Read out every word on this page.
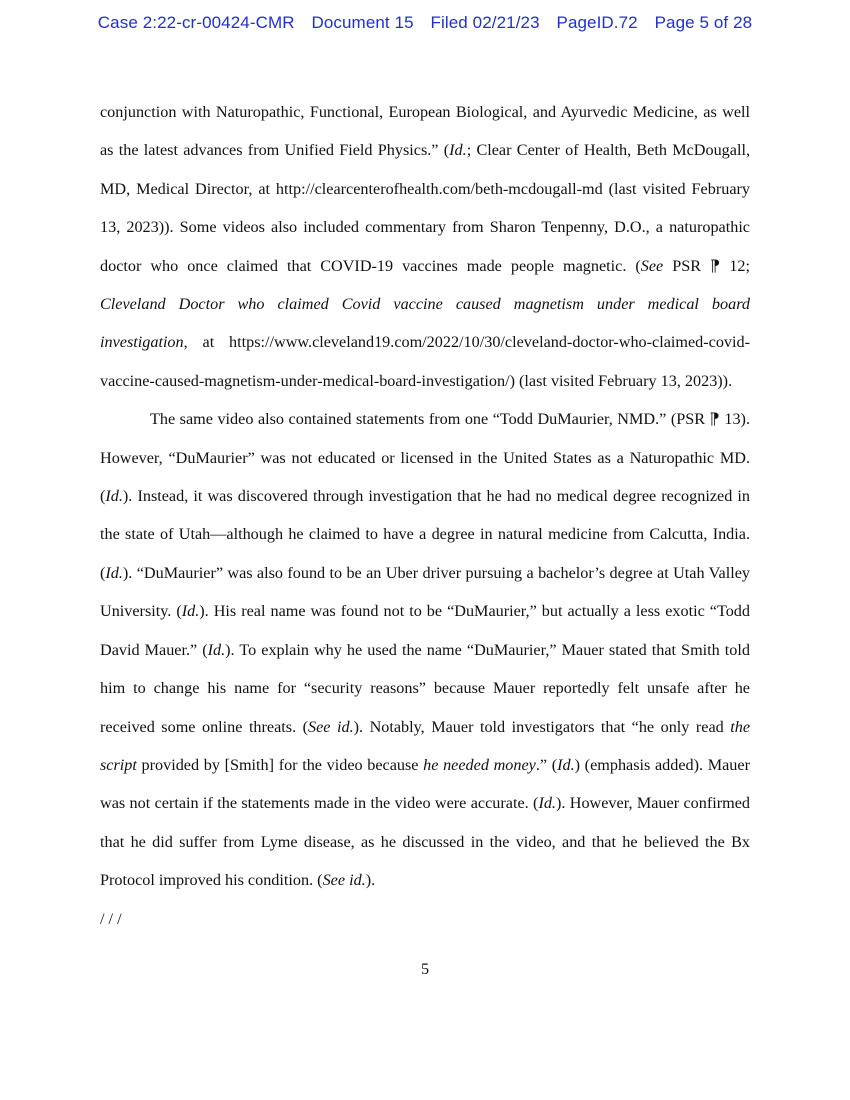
Case 2:22-cr-00424-CMR Document 15 Filed 02/21/23 PageID.72 Page 5 of 28

conjunction with Naturopathic, Functional, European Biological, and Ayurvedic Medicine, as well as the latest advances from Unified Field Physics.” (Id.; Clear Center of Health, Beth McDougall, MD, Medical Director, at http://clearcenterofhealth.com/beth-mcdougall-md (last visited February 13, 2023)). Some videos also included commentary from Sharon Tenpenny, D.O., a naturopathic doctor who once claimed that COVID-19 vaccines made people magnetic. (See PSR ⁋ 12; Cleveland Doctor who claimed Covid vaccine caused magnetism under medical board investigation, at https://www.cleveland19.com/2022/10/30/cleveland-doctor-who-claimed-covid-vaccine-caused-magnetism-under-medical-board-investigation/) (last visited February 13, 2023)).

The same video also contained statements from one “Todd DuMaurier, NMD.” (PSR ⁋ 13). However, “DuMaurier” was not educated or licensed in the United States as a Naturopathic MD. (Id.). Instead, it was discovered through investigation that he had no medical degree recognized in the state of Utah—although he claimed to have a degree in natural medicine from Calcutta, India. (Id.). “DuMaurier” was also found to be an Uber driver pursuing a bachelor’s degree at Utah Valley University. (Id.). His real name was found not to be “DuMaurier,” but actually a less exotic “Todd David Mauer.” (Id.). To explain why he used the name “DuMaurier,” Mauer stated that Smith told him to change his name for “security reasons” because Mauer reportedly felt unsafe after he received some online threats. (See id.). Notably, Mauer told investigators that “he only read the script provided by [Smith] for the video because he needed money.” (Id.) (emphasis added). Mauer was not certain if the statements made in the video were accurate. (Id.). However, Mauer confirmed that he did suffer from Lyme disease, as he discussed in the video, and that he believed the Bx Protocol improved his condition. (See id.).

/ / /

5
